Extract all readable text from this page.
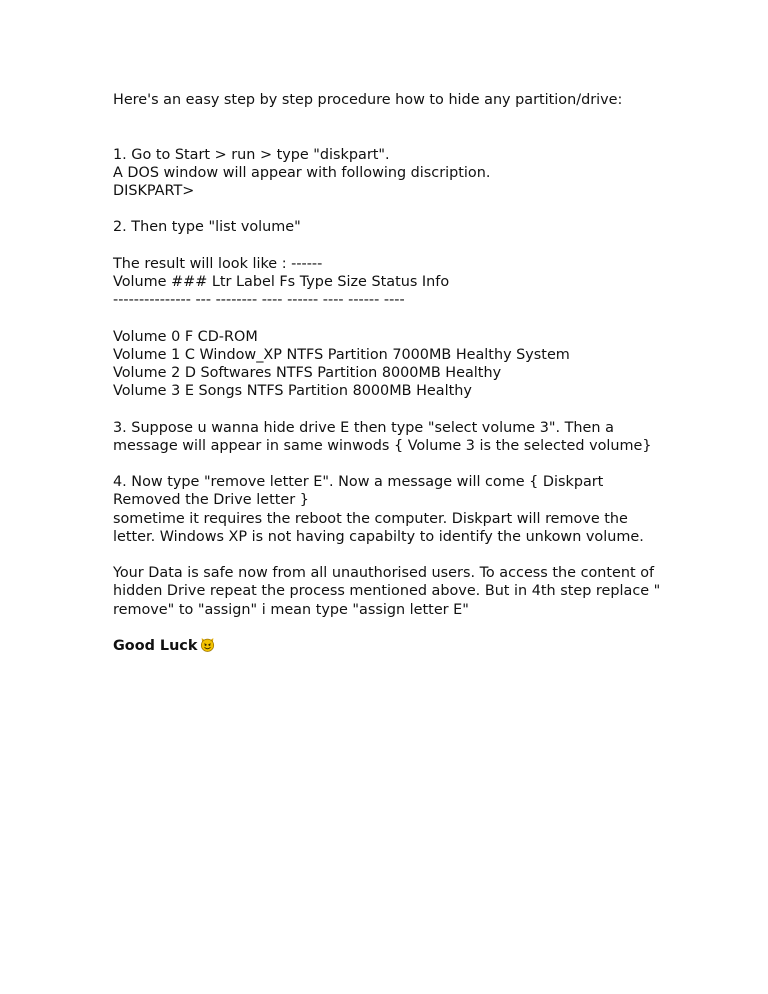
Here's an easy step by step procedure how to hide any partition/drive:
1. Go to Start > run > type "diskpart".
A DOS window will appear with following discription.
DISKPART>
2. Then type "list volume"
The result will look like : ------
Volume ### Ltr Label Fs Type Size Status Info
--------------- --- -------- ---- ------ ---- ------ ----
Volume 0 F CD-ROM
Volume 1 C Window_XP NTFS Partition 7000MB Healthy System
Volume 2 D Softwares NTFS Partition 8000MB Healthy
Volume 3 E Songs NTFS Partition 8000MB Healthy
3. Suppose u wanna hide drive E then type "select volume 3". Then a message will appear in same winwods { Volume 3 is the selected volume}
4. Now type "remove letter E". Now a message will come { Diskpart Removed the Drive letter }
sometime it requires the reboot the computer. Diskpart will remove the letter. Windows XP is not having capabilty to identify the unkown volume.
Your Data is safe now from all unauthorised users. To access the content of hidden Drive repeat the process mentioned above. But in 4th step replace " remove" to "assign" i mean type "assign letter E"
Good Luck
